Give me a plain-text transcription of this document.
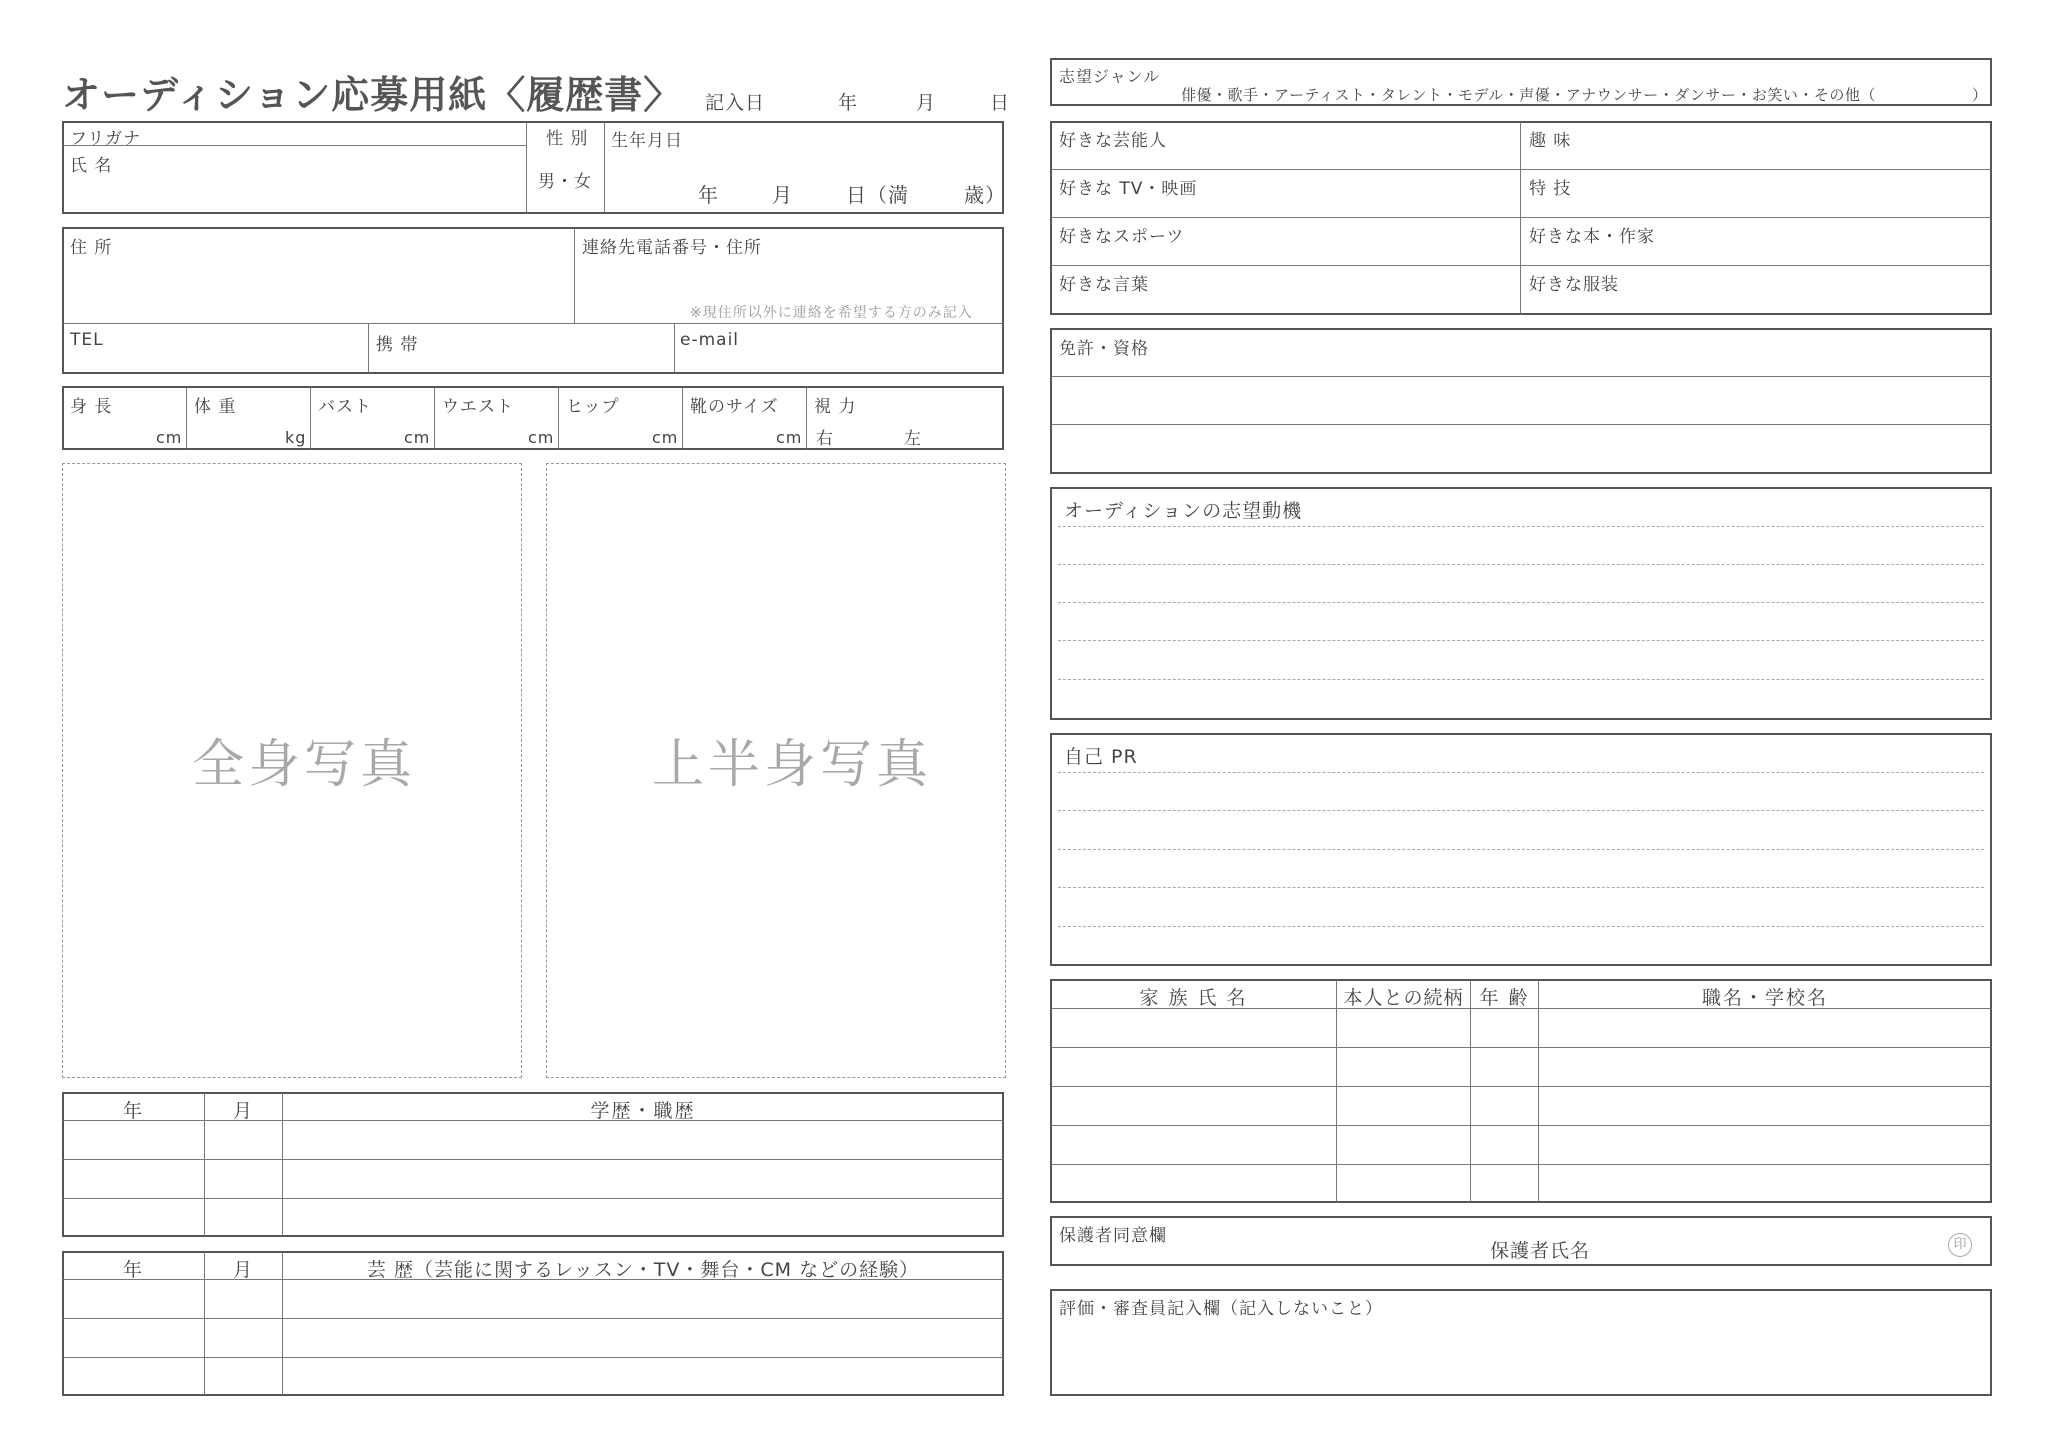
オーディション応募用紙〈履歴書〉 記入日	年	月	日
フリガナ
氏 名
性 別
男・女
生年月日
年	月	日（満	歳）
住 所	連絡先電話番号・住所
※現住所以外に連絡を希望する方のみ記入
TEL	携 帯	e-mail
身 長	体 重	バスト	ウエスト	ヒップ	靴のサイズ 視 力
cm	kg	cm	cm	cm	cm 右	左
全身写真	上半身写真
年	月	学歴・職歴
年	月	芸 歴（芸能に関するレッスン・TV・舞台・CM などの経験）
志望ジャンル
俳優・歌手・アーティスト・タレント・モデル・声優・アナウンサー・ダンサー・お笑い・その他（	）
好きな芸能人	趣 味
好きな TV・映画	特 技
好きなスポーツ	好きな本・作家
好きな言葉	好きな服装
免許・資格
オーディションの志望動機
自己 PR
家 族 氏 名	本人との続柄 年 齢	職名・学校名
保護者同意欄
保護者氏名	印
評価・審査員記入欄（記入しないこと）
